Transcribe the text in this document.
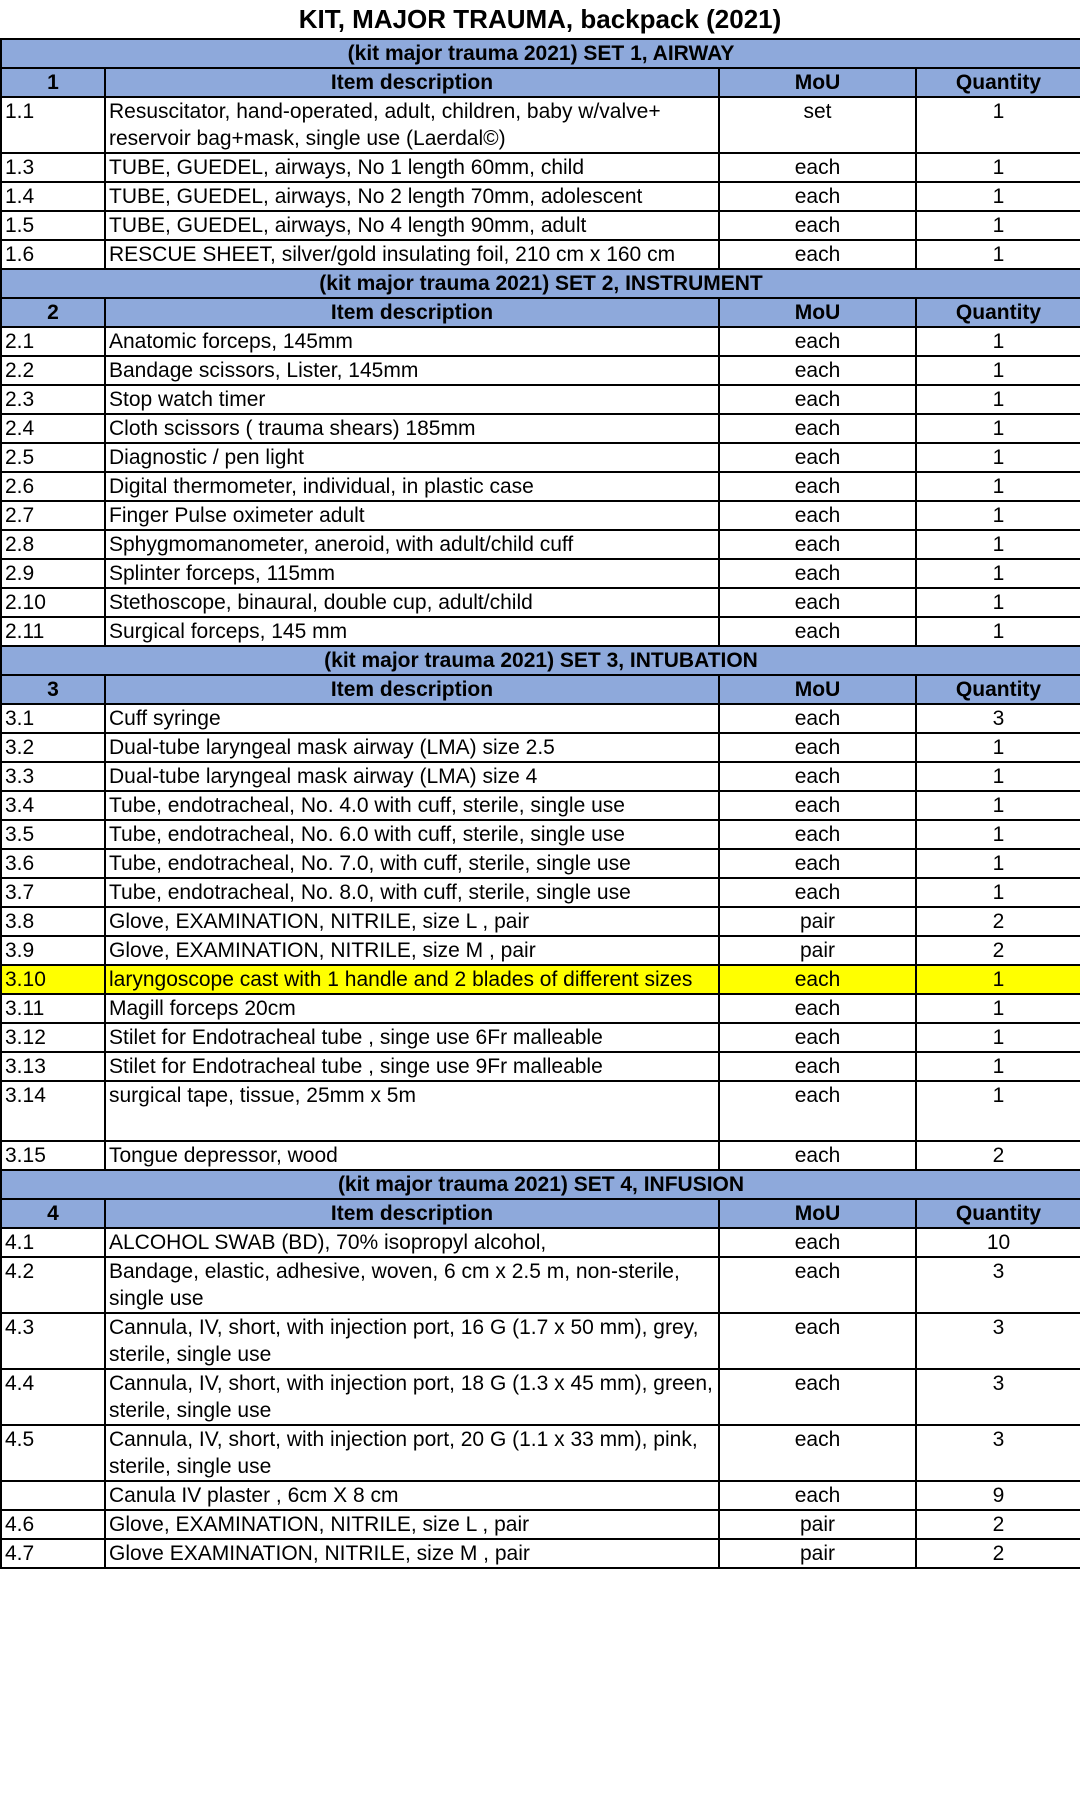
KIT, MAJOR TRAUMA, backpack (2021)
(kit major trauma 2021) SET 1, AIRWAY			
1	Item description	MoU	Quantity
1.1	Resuscitator, hand-operated, adult, children, baby w/valve+ reservoir bag+mask, single use (Laerdal©)	set	1
1.3	TUBE, GUEDEL, airways, No 1 length 60mm, child	each	1
1.4	TUBE, GUEDEL, airways, No 2 length 70mm, adolescent	each	1
1.5	TUBE, GUEDEL, airways, No 4 length 90mm, adult	each	1
1.6	RESCUE SHEET, silver/gold insulating foil, 210 cm x 160 cm	each	1
(kit major trauma 2021) SET 2, INSTRUMENT			
2	Item description	MoU	Quantity
2.1	Anatomic forceps, 145mm	each	1
2.2	Bandage scissors, Lister, 145mm	each	1
2.3	Stop watch timer	each	1
2.4	Cloth scissors ( trauma shears) 185mm	each	1
2.5	Diagnostic / pen light	each	1
2.6	Digital thermometer, individual, in plastic case	each	1
2.7	Finger Pulse oximeter adult	each	1
2.8	Sphygmomanometer, aneroid, with adult/child cuff	each	1
2.9	Splinter forceps, 115mm	each	1
2.10	Stethoscope, binaural, double cup, adult/child	each	1
2.11	Surgical forceps, 145 mm	each	1
(kit major trauma 2021) SET 3, INTUBATION			
3	Item description	MoU	Quantity
3.1	Cuff syringe	each	3
3.2	Dual-tube laryngeal mask airway (LMA) size 2.5	each	1
3.3	Dual-tube laryngeal mask airway (LMA) size 4	each	1
3.4	Tube, endotracheal, No. 4.0 with cuff, sterile, single use	each	1
3.5	Tube, endotracheal, No. 6.0 with cuff, sterile, single use	each	1
3.6	Tube, endotracheal, No. 7.0, with cuff, sterile, single use	each	1
3.7	Tube, endotracheal, No. 8.0, with cuff, sterile, single use	each	1
3.8	Glove, EXAMINATION, NITRILE, size L , pair	pair	2
3.9	Glove, EXAMINATION, NITRILE, size M , pair	pair	2
3.10	laryngoscope cast with 1 handle and 2 blades of different sizes	each	1
3.11	Magill forceps 20cm	each	1
3.12	Stilet for Endotracheal tube , singe use 6Fr malleable	each	1
3.13	Stilet for Endotracheal tube , singe use 9Fr malleable	each	1
3.14	surgical tape, tissue, 25mm x 5m	each	1
3.15	Tongue depressor, wood	each	2
(kit major trauma 2021) SET 4, INFUSION			
4	Item description	MoU	Quantity
4.1	ALCOHOL SWAB (BD), 70% isopropyl alcohol,	each	10
4.2	Bandage, elastic, adhesive, woven, 6 cm x 2.5 m, non-sterile, single use	each	3
4.3	Cannula, IV, short, with injection port, 16 G (1.7 x 50 mm), grey, sterile, single use	each	3
4.4	Cannula, IV, short, with injection port, 18 G (1.3 x 45 mm), green, sterile, single use	each	3
4.5	Cannula, IV, short, with injection port, 20 G (1.1 x 33 mm), pink, sterile, single use	each	3
	Canula IV plaster , 6cm X 8 cm	each	9
4.6	Glove, EXAMINATION, NITRILE, size L , pair	pair	2
4.7	Glove EXAMINATION, NITRILE, size M , pair	pair	2
